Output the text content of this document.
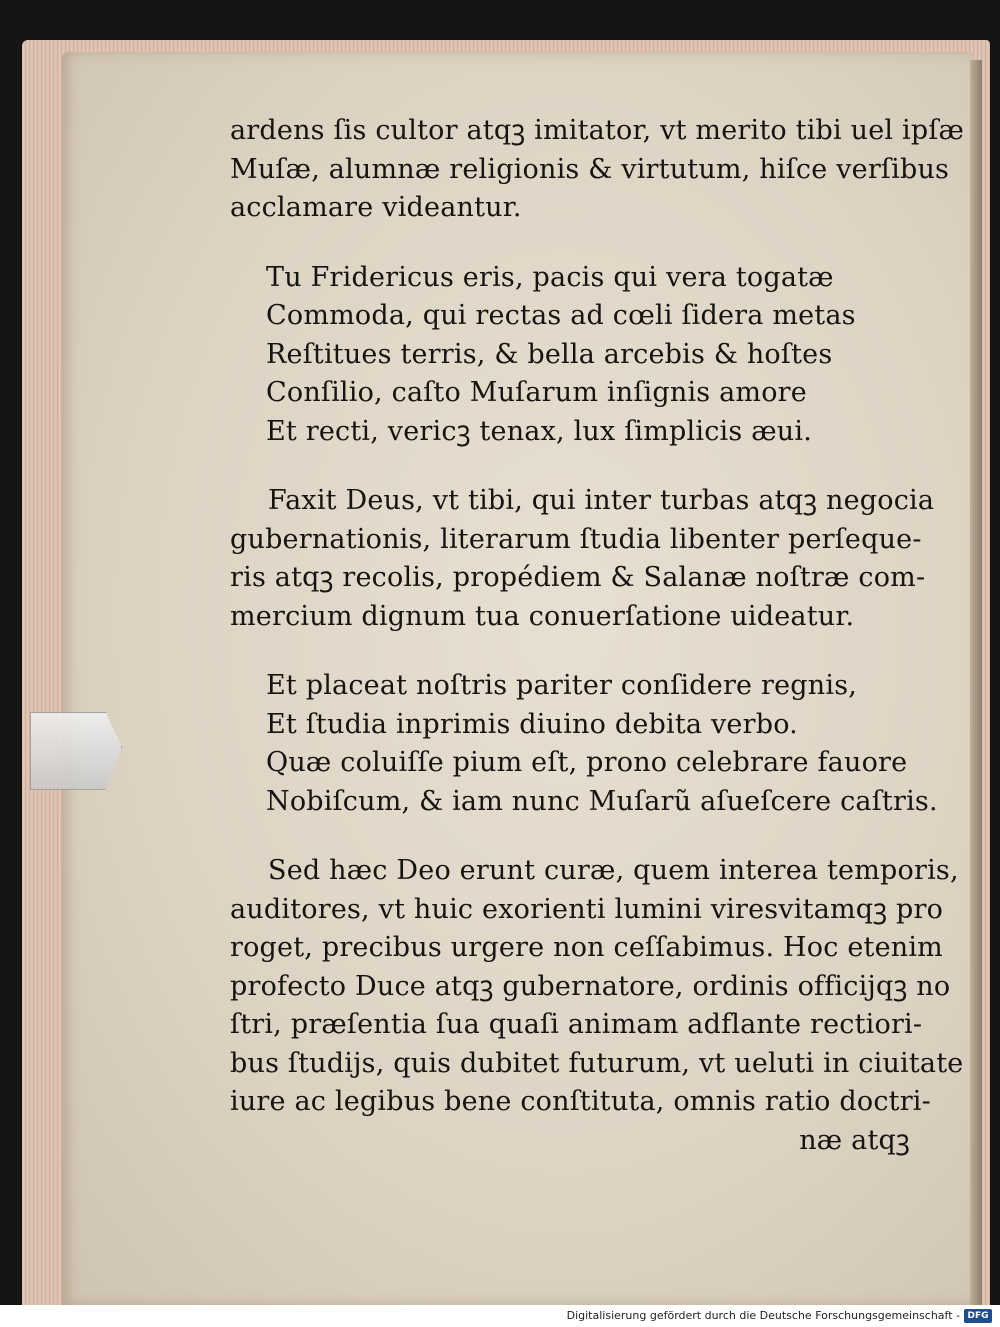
ardens ſis cultor atqꝫ imitator, vt merito tibi uel ipſæ
Muſæ, alumnæ religionis & virtutum, hiſce verſibus
acclamare videantur.
Tu Fridericus eris, pacis qui vera togatæ
Commoda, qui rectas ad cœli ſidera metas
Reſtitues terris, & bella arcebis & hoſtes
Conſilio, caſto Muſarum inſignis amore
Et recti, vericꝫ tenax, lux ſimplicis æui.
Faxit Deus, vt tibi, qui inter turbas atqꝫ negocia
gubernationis, literarum ſtudia libenter perſeque-
ris atqꝫ recolis, propédiem & Salanæ noſtræ com-
mercium dignum tua conuerſatione uideatur.
Et placeat noſtris pariter conſidere regnis,
Et ſtudia inprimis diuino debita verbo.
Quæ coluiſſe pium eſt, prono celebrare fauore
Nobiſcum, & iam nunc Muſarũ aſueſcere caſtris.
Sed hæc Deo erunt curæ, quem interea temporis,
auditores, vt huic exorienti lumini viresvitamqꝫ pro
roget, precibus urgere non ceſſabimus. Hoc etenim
profecto Duce atqꝫ gubernatore, ordinis officijqꝫ no
ſtri, præſentia ſua quaſi animam adflante rectiori-
bus ſtudijs, quis dubitet futurum, vt ueluti in ciuitate
iure ac legibus bene conſtituta, omnis ratio doctri-
næ atqꝫ
Digitalisierung gefördert durch die Deutsche Forschungsgemeinschaft - DFG
